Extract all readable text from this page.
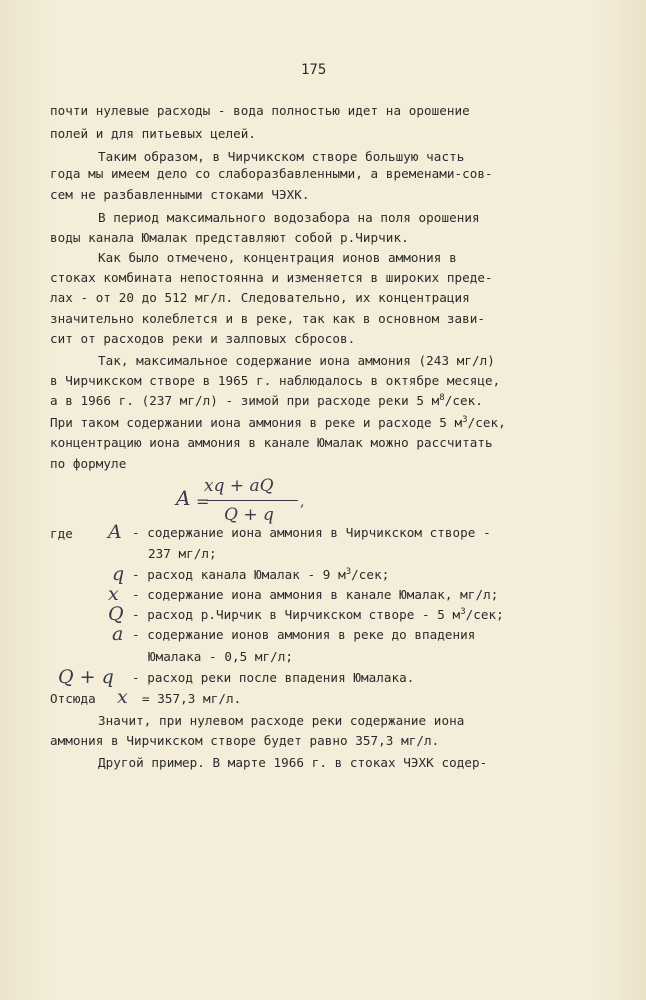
175
почти нулевые расходы - вода полностью идет на орошение
полей и для питьевых целей.
Таким образом, в Чирчикском створе большую часть
года мы имеем дело со слаборазбавленными, а временами-сов-
сем не разбавленными стоками ЧЭХК.
В период максимального водозабора на поля орошения
воды канала Юмалак представляют собой р.Чирчик.
Как было отмечено, концентрация ионов аммония в
стоках комбината непостоянна и изменяется в широких преде-
лах - от 20 до 512 мг/л. Следовательно, их концентрация
значительно колеблется и в реке, так как в основном зави-
сит от расходов реки и залповых сбросов.
Так, максимальное содержание иона аммония (243 мг/л)
в Чирчикском створе в 1965 г. наблюдалось в октябре месяце,
а в 1966 г. (237 мг/л) - зимой при расходе реки 5 $м^8$/сек.
При таком содержании иона аммония в реке и расходе 5 $м^3$/сек,
концентрацию иона аммония в канале Юмалак можно рассчитать
по формуле
A =
xq + aQ
Q + q
,
где A - содержание иона аммония в Чирчикском створе -
237 мг/л;
q - расход канала Юмалак - 9 $м^3$/сек;
x - содержание иона аммония в канале Юмалак, мг/л;
Q - расход р.Чирчик в Чирчикском створе - 5 $м^3$/сек;
a - содержание ионов аммония в реке до впадения
Юмалака - 0,5 мг/л;
Q + q - расход реки после впадения Юмалака.
Отсюда x = 357,3 мг/л.
Значит, при нулевом расходе реки содержание иона
аммония в Чирчикском створе будет равно 357,3 мг/л.
Другой пример. В марте 1966 г. в стоках ЧЭХК содер-
